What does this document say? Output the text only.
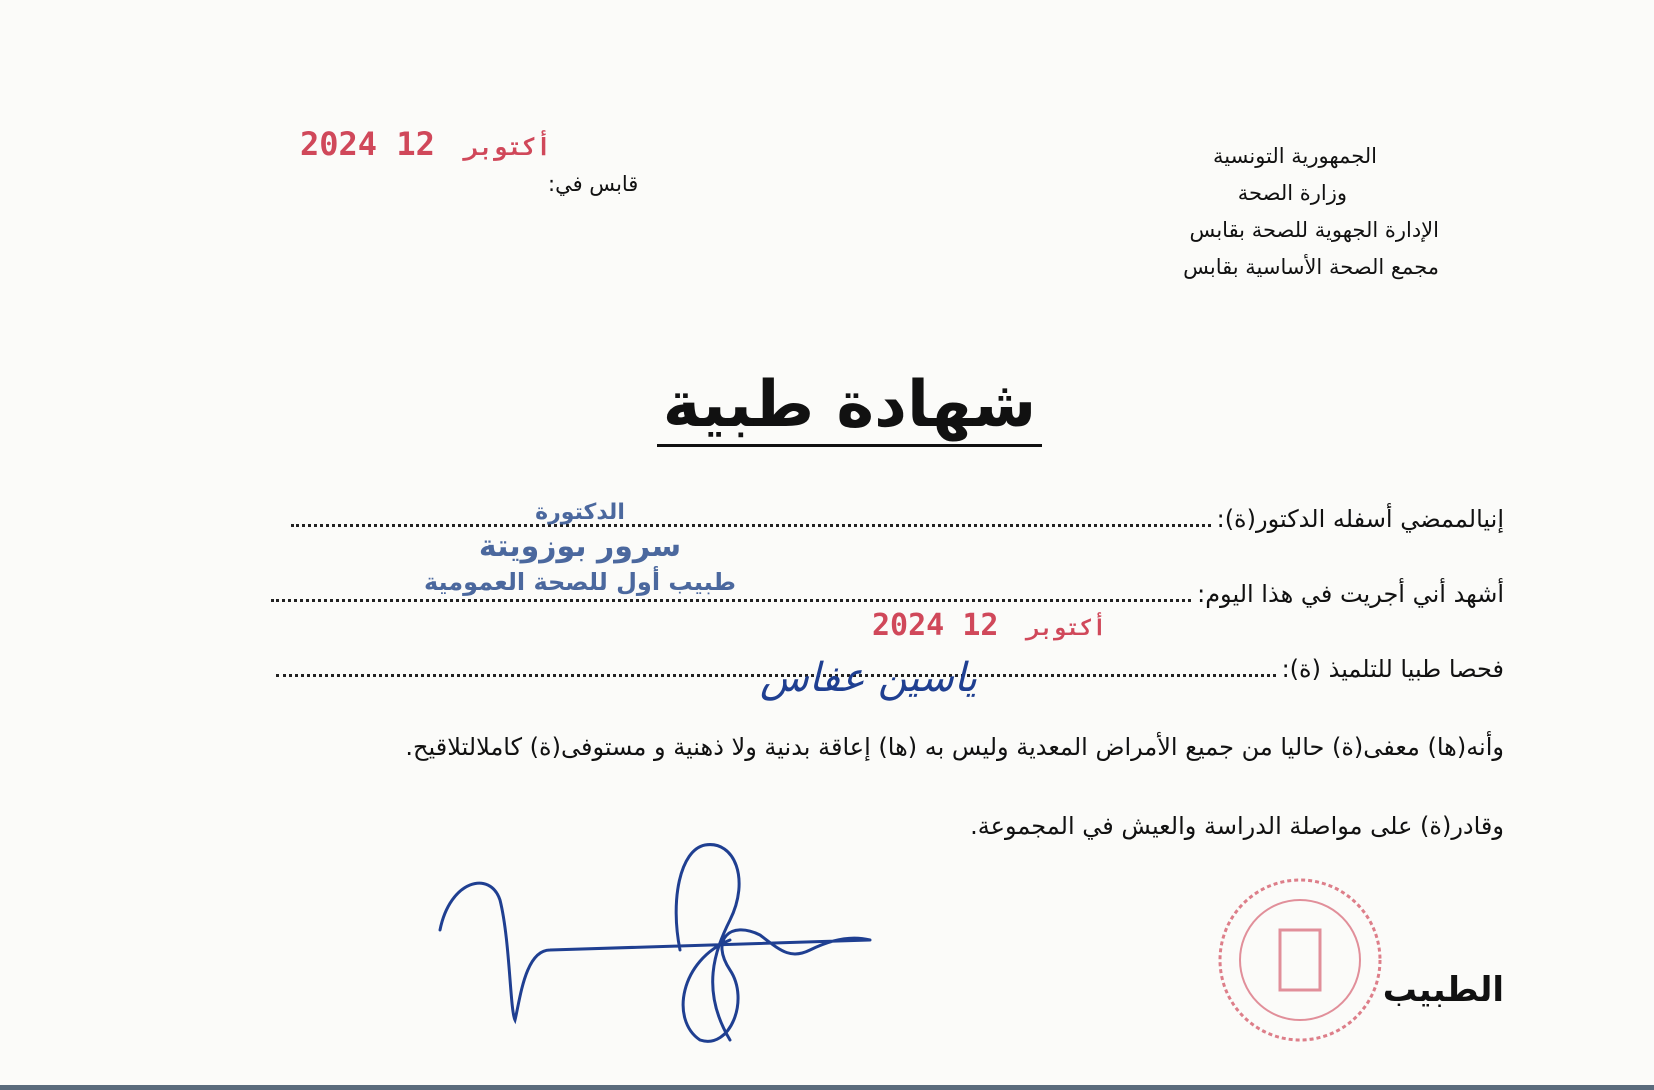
الجمهورية التونسية
وزارة الصحة
الإدارة الجهوية للصحة بقابس
مجمع الصحة الأساسية بقابس
قابس في:
2024	أكتوبر 12
شهادة طبية
إنيالممضي أسفله الدكتور(ة):
أشهد أني أجريت في هذا اليوم:
فحصا طبيا للتلميذ (ة):
وأنه(ها) معفى(ة) حاليا من جميع الأمراض المعدية وليس به (ها) إعاقة بدنية ولا ذهنية و مستوفى(ة) كاملالتلاقيح.
وقادر(ة) على مواصلة الدراسة والعيش في المجموعة.
الدكتورة
سرور بوزويتة
طبيب أول للصحة العمومية
2024	أكتوبر 12
ياسين عفاس
الطبيب
